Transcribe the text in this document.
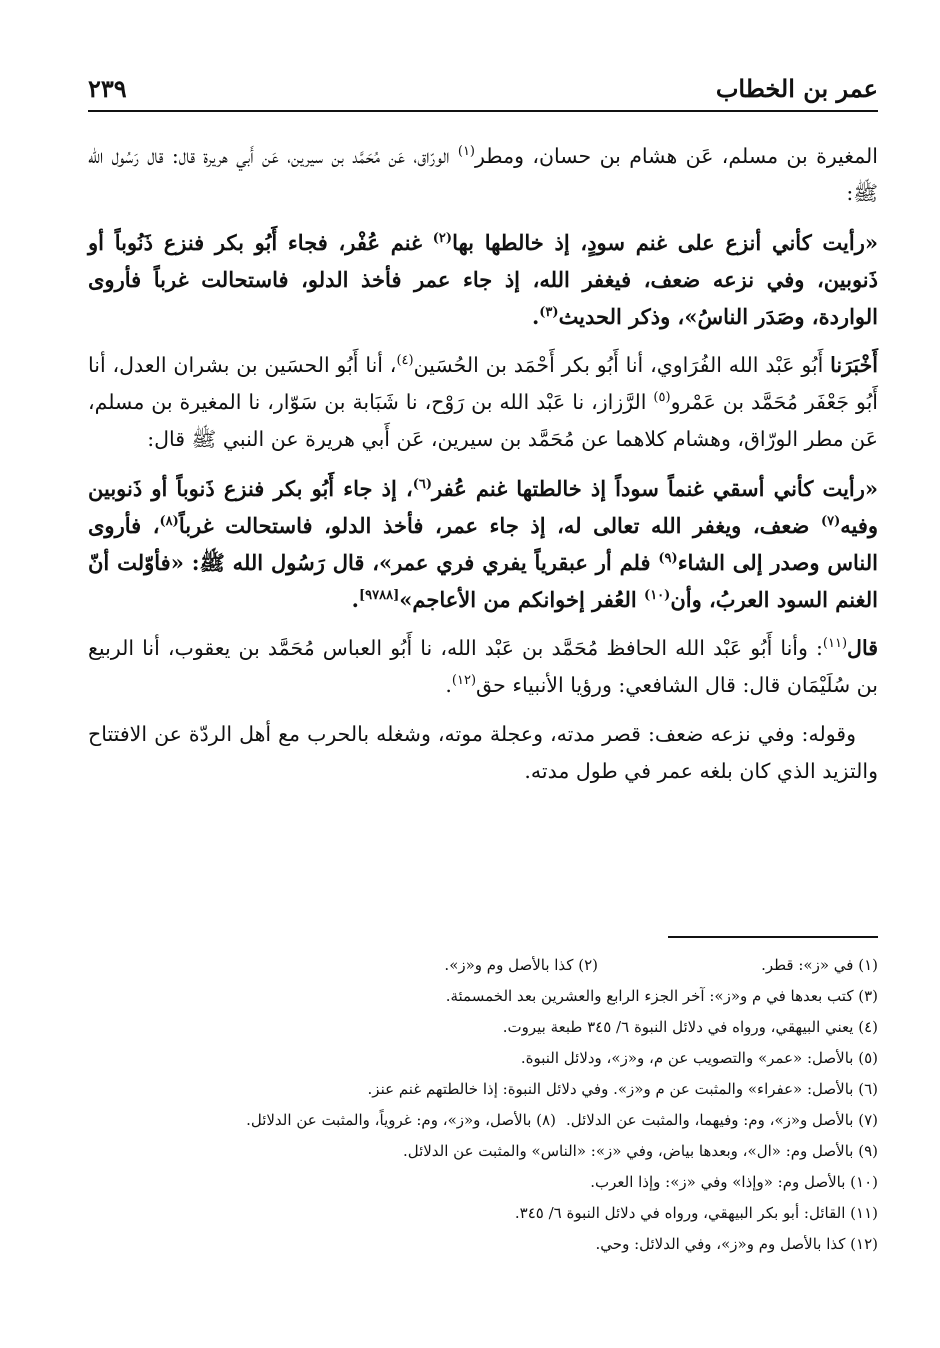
عمر بن الخطاب
٢٣٩

المغيرة بن مسلم، عَن هشام بن حسان، ومطر$^{(١)}$ الورّاق، عَن مُحَمَّد بن سيرين، عَن أَبي هريرة قال: قال رَسُول الله ﷺ:

«رأيت كأني أنزع على غنم سودٍ، إذ خالطها بها$^{(٢)}$ غنم عُفْر، فجاء أَبُو بكر فنزع ذَنُوباً أو ذَنوبين، وفي نزعه ضعف، فيغفر الله، إذ جاء عمر فأخذ الدلو، فاستحالت غرباً فأروى الواردة، وصَدَر الناسُ»، وذكر الحديث$^{(٣)}$.

أَخْبَرَنا أَبُو عَبْد الله الفُرَاوي، أنا أَبُو بكر أَحْمَد بن الحُسَين$^{(٤)}$، أنا أَبُو الحسَين بن بشران العدل، أنا أَبُو جَعْفَر مُحَمَّد بن عَمْرو$^{(٥)}$ الرَّزاز، نا عَبْد الله بن رَوْح، نا شَبَابة بن سَوّار، نا المغيرة بن مسلم، عَن مطر الورّاق، وهشام كلاهما عن مُحَمَّد بن سيرين، عَن أَبي هريرة عن النبي ﷺ قال:

«رأيت كأني أسقي غنماً سوداً إذ خالطتها غنم عُفر$^{(٦)}$، إذ جاء أَبُو بكر فنزع ذَنوباً أو ذَنوبين وفيه$^{(٧)}$ ضعف، ويغفر الله تعالى له، إذ جاء عمر، فأخذ الدلو، فاستحالت غرباً$^{(٨)}$، فأروى الناس وصدر إلى الشاء$^{(٩)}$ فلم أر عبقرياً يفري فري عمر»، قال رَسُول الله ﷺ: «فأوّلت أنّ الغنم السود العربُ، وأن$^{(١٠)}$ العُفر إخوانكم من الأعاجم»[٩٧٨٨].

قال$^{(١١)}$: وأنا أَبُو عَبْد الله الحافظ مُحَمَّد بن عَبْد الله، نا أَبُو العباس مُحَمَّد بن يعقوب، أنا الربيع بن سُلَيْمَان قال: قال الشافعي: ورؤيا الأنبياء حق$^{(١٢)}$.

وقوله: وفي نزعه ضعف: قصر مدته، وعجلة موته، وشغله بالحرب مع أهل الردّة عن الافتتاح والتزيد الذي كان بلغه عمر في طول مدته.

(١) في «ز»: قطر.
(٢) كذا بالأصل وم و«ز».
(٣) كتب بعدها في م و«ز»: آخر الجزء الرابع والعشرين بعد الخمسمئة.
(٤) يعني البيهقي، ورواه في دلائل النبوة ٦/ ٣٤٥ طبعة بيروت.
(٥) بالأصل: «عمر» والتصويب عن م، و«ز»، ودلائل النبوة.
(٦) بالأصل: «عفراء» والمثبت عن م و«ز». وفي دلائل النبوة: إذا خالطتهم غنم عنز.
(٧) بالأصل و«ز»، وم: وفيهما، والمثبت عن الدلائل.
(٨) بالأصل، و«ز»، وم: غروياً، والمثبت عن الدلائل.
(٩) بالأصل وم: «ال»، وبعدها بياض، وفي «ز»: «الناس» والمثبت عن الدلائل.
(١٠) بالأصل وم: «وإذا» وفي «ز»: وإذا العرب.
(١١) القائل: أبو بكر البيهقي، ورواه في دلائل النبوة ٦/ ٣٤٥.
(١٢) كذا بالأصل وم و«ز»، وفي الدلائل: وحي.
